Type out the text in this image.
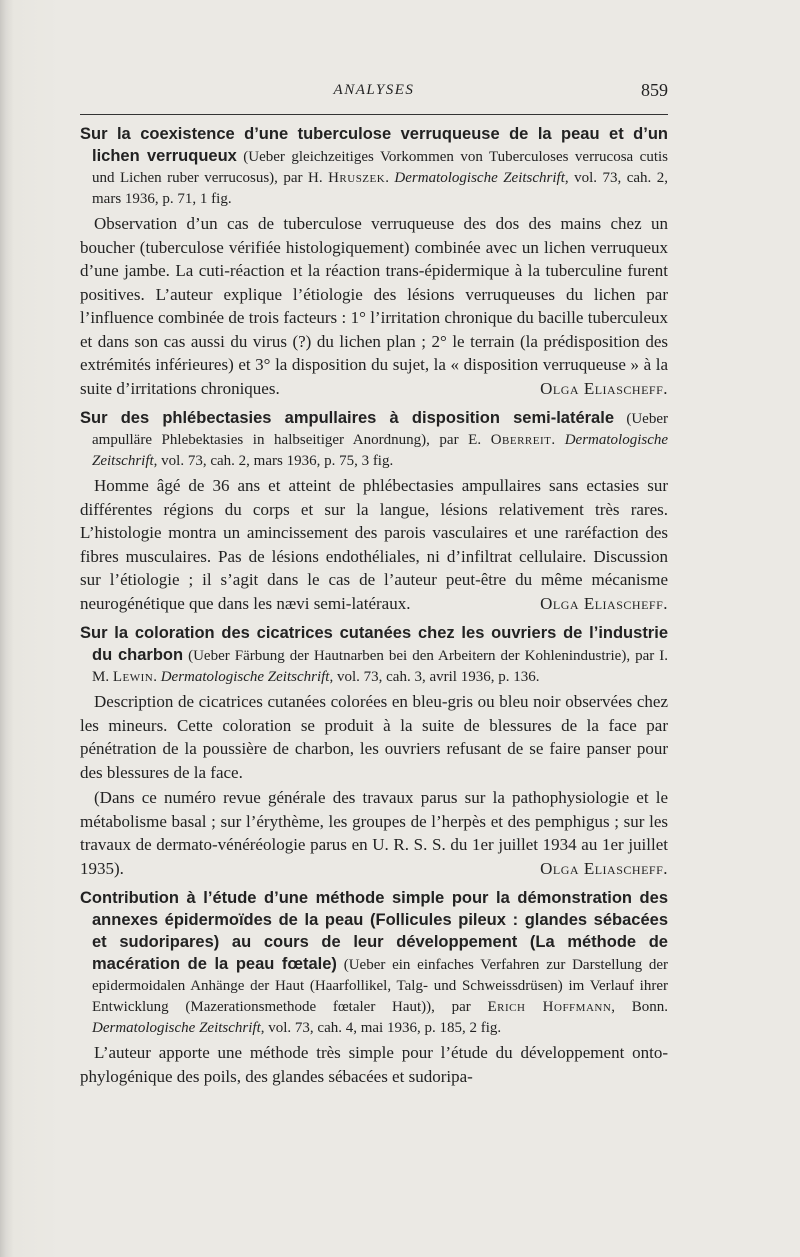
ANALYSES	859

Sur la coexistence d’une tuberculose verruqueuse de la peau et d’un lichen verruqueux (Ueber gleichzeitiges Vorkommen von Tuberculoses verrucosa cutis und Lichen ruber verrucosus), par H. Hruszek. Dermatologische Zeitschrift, vol. 73, cah. 2, mars 1936, p. 71, 1 fig.

Observation d’un cas de tuberculose verruqueuse des dos des mains chez un boucher (tuberculose vérifiée histologiquement) combinée avec un lichen verruqueux d’une jambe. La cuti-réaction et la réaction trans-épidermique à la tuberculine furent positives. L’auteur explique l’étiologie des lésions verruqueuses du lichen par l’influence combinée de trois facteurs : 1° l’irritation chronique du bacille tuberculeux et dans son cas aussi du virus (?) du lichen plan ; 2° le terrain (la prédisposition des extrémités inférieures) et 3° la disposition du sujet, la « disposition verruqueuse » à la suite d’irritations chroniques.	Olga Eliascheff.

Sur des phlébectasies ampullaires à disposition semi-latérale (Ueber ampulläre Phlebektasies in halbseitiger Anordnung), par E. Oberreit. Dermatologische Zeitschrift, vol. 73, cah. 2, mars 1936, p. 75, 3 fig.

Homme âgé de 36 ans et atteint de phlébectasies ampullaires sans ectasies sur différentes régions du corps et sur la langue, lésions relativement très rares. L’histologie montra un amincissement des parois vasculaires et une raréfaction des fibres musculaires. Pas de lésions endothéliales, ni d’infiltrat cellulaire. Discussion sur l’étiologie ; il s’agit dans le cas de l’auteur peut-être du même mécanisme neurogénétique que dans les nævi semi-latéraux.	Olga Eliascheff.

Sur la coloration des cicatrices cutanées chez les ouvriers de l’industrie du charbon (Ueber Färbung der Hautnarben bei den Arbeitern der Kohlenindustrie), par I. M. Lewin. Dermatologische Zeitschrift, vol. 73, cah. 3, avril 1936, p. 136.

Description de cicatrices cutanées colorées en bleu-gris ou bleu noir observées chez les mineurs. Cette coloration se produit à la suite de blessures de la face par pénétration de la poussière de charbon, les ouvriers refusant de se faire panser pour des blessures de la face.

(Dans ce numéro revue générale des travaux parus sur la pathophysiologie et le métabolisme basal ; sur l’érythème, les groupes de l’herpès et des pemphigus ; sur les travaux de dermato-vénéréologie parus en U. R. S. S. du 1er juillet 1934 au 1er juillet 1935).	Olga Eliascheff.

Contribution à l’étude d’une méthode simple pour la démonstration des annexes épidermoïdes de la peau (Follicules pileux : glandes sébacées et sudoripares) au cours de leur développement (La méthode de macération de la peau fœtale) (Ueber ein einfaches Verfahren zur Darstellung der epidermoidalen Anhänge der Haut (Haarfollikel, Talg- und Schweissdrüsen) im Verlauf ihrer Entwicklung (Mazerationsmethode fœtaler Haut)), par Erich Hoffmann, Bonn. Dermatologische Zeitschrift, vol. 73, cah. 4, mai 1936, p. 185, 2 fig.

L’auteur apporte une méthode très simple pour l’étude du développement onto-phylogénique des poils, des glandes sébacées et sudoripa-
